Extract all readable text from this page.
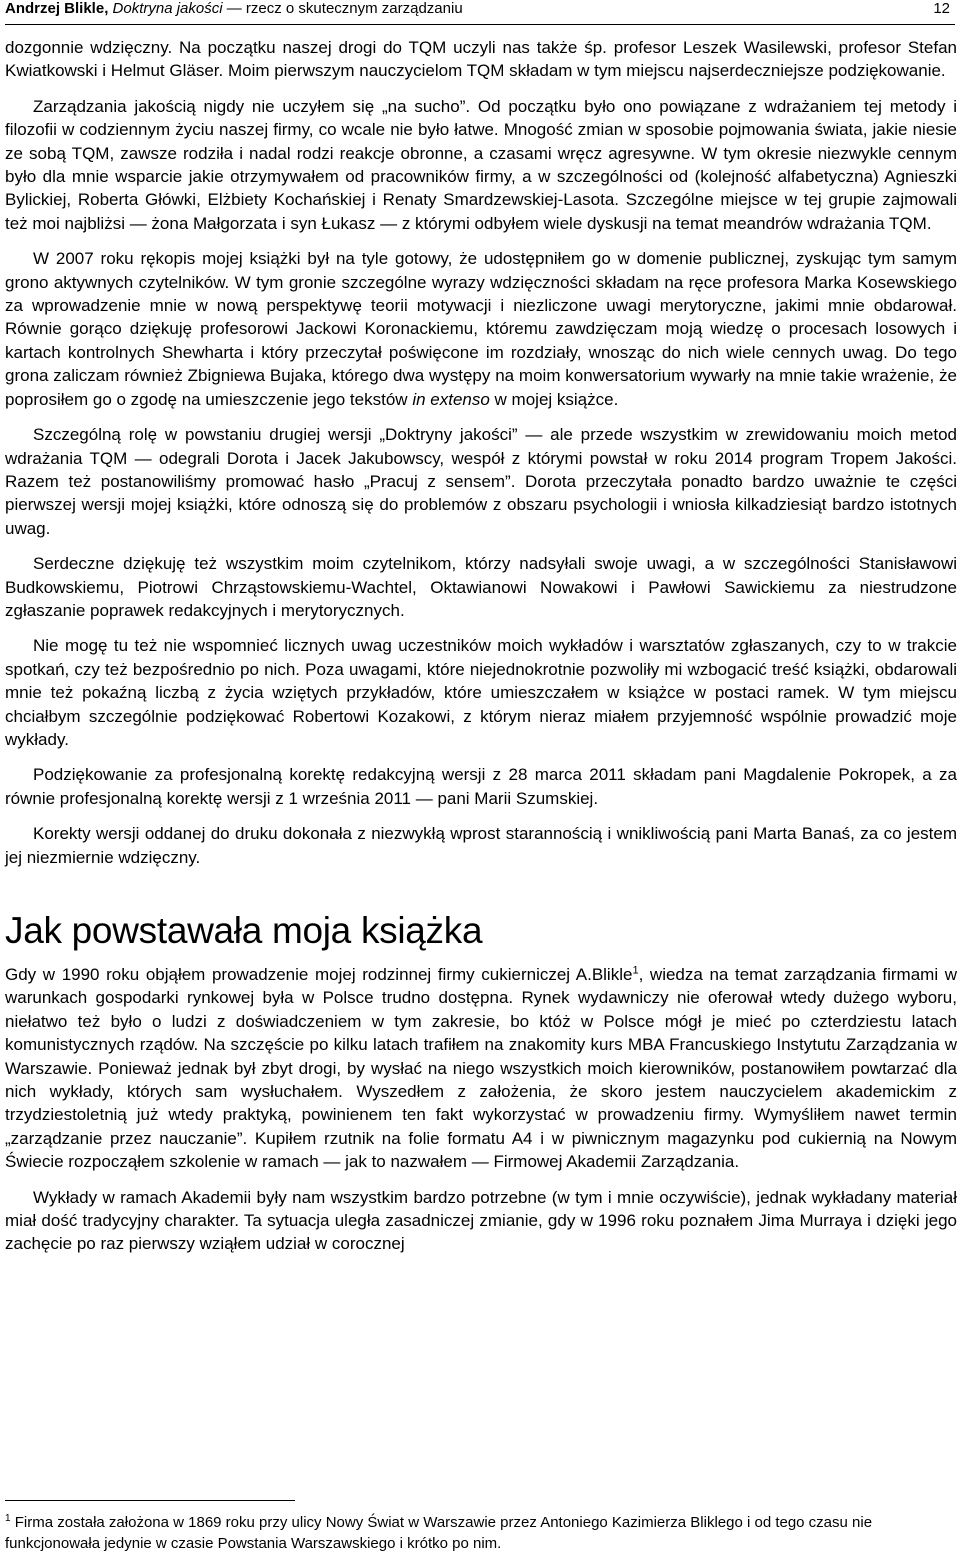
Andrzej Blikle, Doktryna jakości — rzecz o skutecznym zarządzaniu	12

dozgonnie wdzięczny. Na początku naszej drogi do TQM uczyli nas także śp. profesor Leszek Wasilewski, profesor Stefan Kwiatkowski i Helmut Gläser. Moim pierwszym nauczycielom TQM składam w tym miejscu najserdeczniejsze podziękowanie.

Zarządzania jakością nigdy nie uczyłem się „na sucho”. Od początku było ono powiązane z wdrażaniem tej metody i filozofii w codziennym życiu naszej firmy, co wcale nie było łatwe. Mnogość zmian w sposobie pojmowania świata, jakie niesie ze sobą TQM, zawsze rodziła i nadal rodzi reakcje obronne, a czasami wręcz agresywne. W tym okresie niezwykle cennym było dla mnie wsparcie jakie otrzymywałem od pracowników firmy, a w szczególności od (kolejność alfabetyczna) Agnieszki Bylickiej, Roberta Główki, Elżbiety Kochańskiej i Renaty Smardzewskiej-Lasota. Szczególne miejsce w tej grupie zajmowali też moi najbliżsi — żona Małgorzata i syn Łukasz — z którymi odbyłem wiele dyskusji na temat meandrów wdrażania TQM.

W 2007 roku rękopis mojej książki był na tyle gotowy, że udostępniłem go w domenie publicznej, zyskując tym samym grono aktywnych czytelników. W tym gronie szczególne wyrazy wdzięczności składam na ręce profesora Marka Kosewskiego za wprowadzenie mnie w nową perspektywę teorii motywacji i niezliczone uwagi merytoryczne, jakimi mnie obdarował. Równie gorąco dziękuję profesorowi Jackowi Koronackiemu, któremu zawdzięczam moją wiedzę o procesach losowych i kartach kontrolnych Shewharta i który przeczytał poświęcone im rozdziały, wnosząc do nich wiele cennych uwag. Do tego grona zaliczam również Zbigniewa Bujaka, którego dwa występy na moim konwersatorium wywarły na mnie takie wrażenie, że poprosiłem go o zgodę na umieszczenie jego tekstów in extenso w mojej książce.

Szczególną rolę w powstaniu drugiej wersji „Doktryny jakości” — ale przede wszystkim w zrewidowaniu moich metod wdrażania TQM — odegrali Dorota i Jacek Jakubowscy, wespół z którymi powstał w roku 2014 program Tropem Jakości. Razem też postanowiliśmy promować hasło „Pracuj z sensem”. Dorota przeczytała ponadto bardzo uważnie te części pierwszej wersji mojej książki, które odnoszą się do problemów z obszaru psychologii i wniosła kilkadziesiąt bardzo istotnych uwag.

Serdeczne dziękuję też wszystkim moim czytelnikom, którzy nadsyłali swoje uwagi, a w szczególności Stanisławowi Budkowskiemu, Piotrowi Chrząstowskiemu-Wachtel, Oktawianowi Nowakowi i Pawłowi Sawickiemu za niestrudzone zgłaszanie poprawek redakcyjnych i merytorycznych.

Nie mogę tu też nie wspomnieć licznych uwag uczestników moich wykładów i warsztatów zgłaszanych, czy to w trakcie spotkań, czy też bezpośrednio po nich. Poza uwagami, które niejednokrotnie pozwoliły mi wzbogacić treść książki, obdarowali mnie też pokaźną liczbą z życia wziętych przykładów, które umieszczałem w książce w postaci ramek. W tym miejscu chciałbym szczególnie podziękować Robertowi Kozakowi, z którym nieraz miałem przyjemność wspólnie prowadzić moje wykłady.

Podziękowanie za profesjonalną korektę redakcyjną wersji z 28 marca 2011 składam pani Magdalenie Pokropek, a za równie profesjonalną korektę wersji z 1 września 2011 — pani Marii Szumskiej.

Korekty wersji oddanej do druku dokonała z niezwykłą wprost starannością i wnikliwością pani Marta Banaś, za co jestem jej niezmiernie wdzięczny.

Jak powstawała moja książka

Gdy w 1990 roku objąłem prowadzenie mojej rodzinnej firmy cukierniczej A.Blikle$^1$, wiedza na temat zarządzania firmami w warunkach gospodarki rynkowej była w Polsce trudno dostępna. Rynek wydawniczy nie oferował wtedy dużego wyboru, niełatwo też było o ludzi z doświadczeniem w tym zakresie, bo któż w Polsce mógł je mieć po czterdziestu latach komunistycznych rządów. Na szczęście po kilku latach trafiłem na znakomity kurs MBA Francuskiego Instytutu Zarządzania w Warszawie. Ponieważ jednak był zbyt drogi, by wysłać na niego wszystkich moich kierowników, postanowiłem powtarzać dla nich wykłady, których sam wysłuchałem. Wyszedłem z założenia, że skoro jestem nauczycielem akademickim z trzydziestoletnią już wtedy praktyką, powinienem ten fakt wykorzystać w prowadzeniu firmy. Wymyśliłem nawet termin „zarządzanie przez nauczanie”. Kupiłem rzutnik na folie formatu A4 i w piwnicznym magazynku pod cukiernią na Nowym Świecie rozpocząłem szkolenie w ramach — jak to nazwałem — Firmowej Akademii Zarządzania.

Wykłady w ramach Akademii były nam wszystkim bardzo potrzebne (w tym i mnie oczywiście), jednak wykładany materiał miał dość tradycyjny charakter. Ta sytuacja uległa zasadniczej zmianie, gdy w 1996 roku poznałem Jima Murraya i dzięki jego zachęcie po raz pierwszy wziąłem udział w corocznej

$^1$ Firma została założona w 1869 roku przy ulicy Nowy Świat w Warszawie przez Antoniego Kazimierza Bliklego i od tego czasu nie funkcjonowała jedynie w czasie Powstania Warszawskiego i krótko po nim.
